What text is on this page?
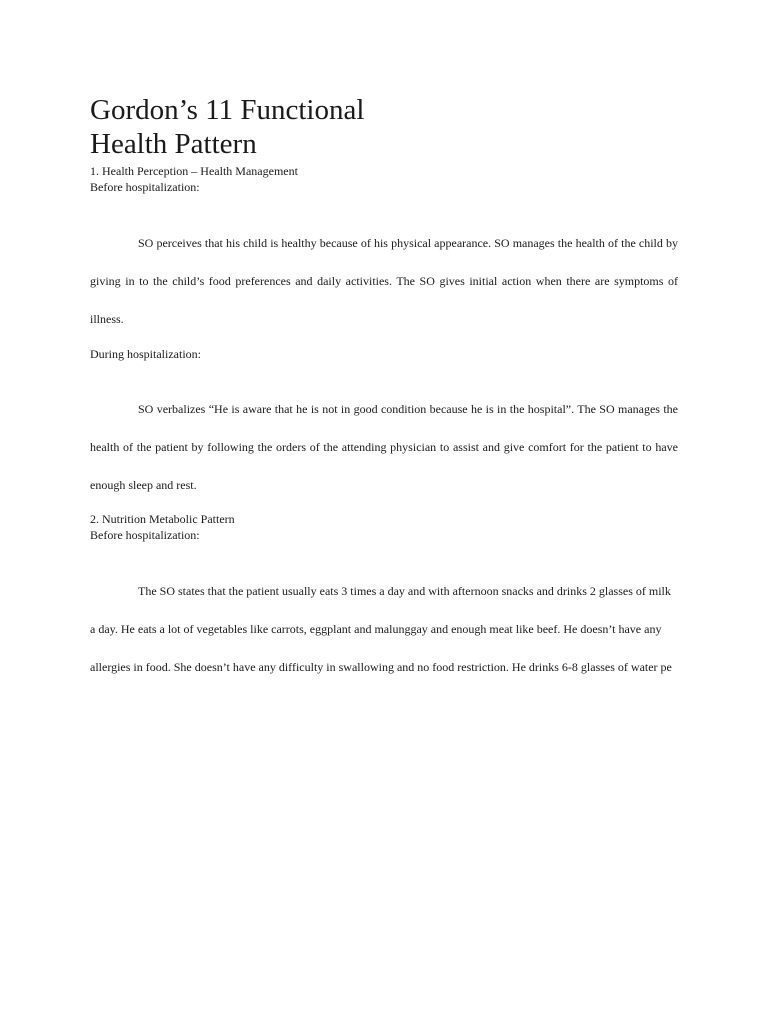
Gordon’s 11 Functional
Health Pattern

1. Health Perception – Health Management

Before hospitalization:

SO perceives that his child is healthy because of his physical appearance. SO manages the health of the child by giving in to the child’s food preferences and daily activities. The SO gives initial action when there are symptoms of illness.

During hospitalization:

SO verbalizes “He is aware that he is not in good condition because he is in the hospital”. The SO manages the health of the patient by following the orders of the attending physician to assist and give comfort for the patient to have enough sleep and rest.

2. Nutrition Metabolic Pattern

Before hospitalization:

The SO states that the patient usually eats 3 times a day and with afternoon snacks and drinks 2 glasses of milk a day. He eats a lot of vegetables like carrots, eggplant and malunggay and enough meat like beef. He doesn’t have any allergies in food. She doesn’t have any difficulty in swallowing and no food restriction. He drinks 6-8 glasses of water pe
